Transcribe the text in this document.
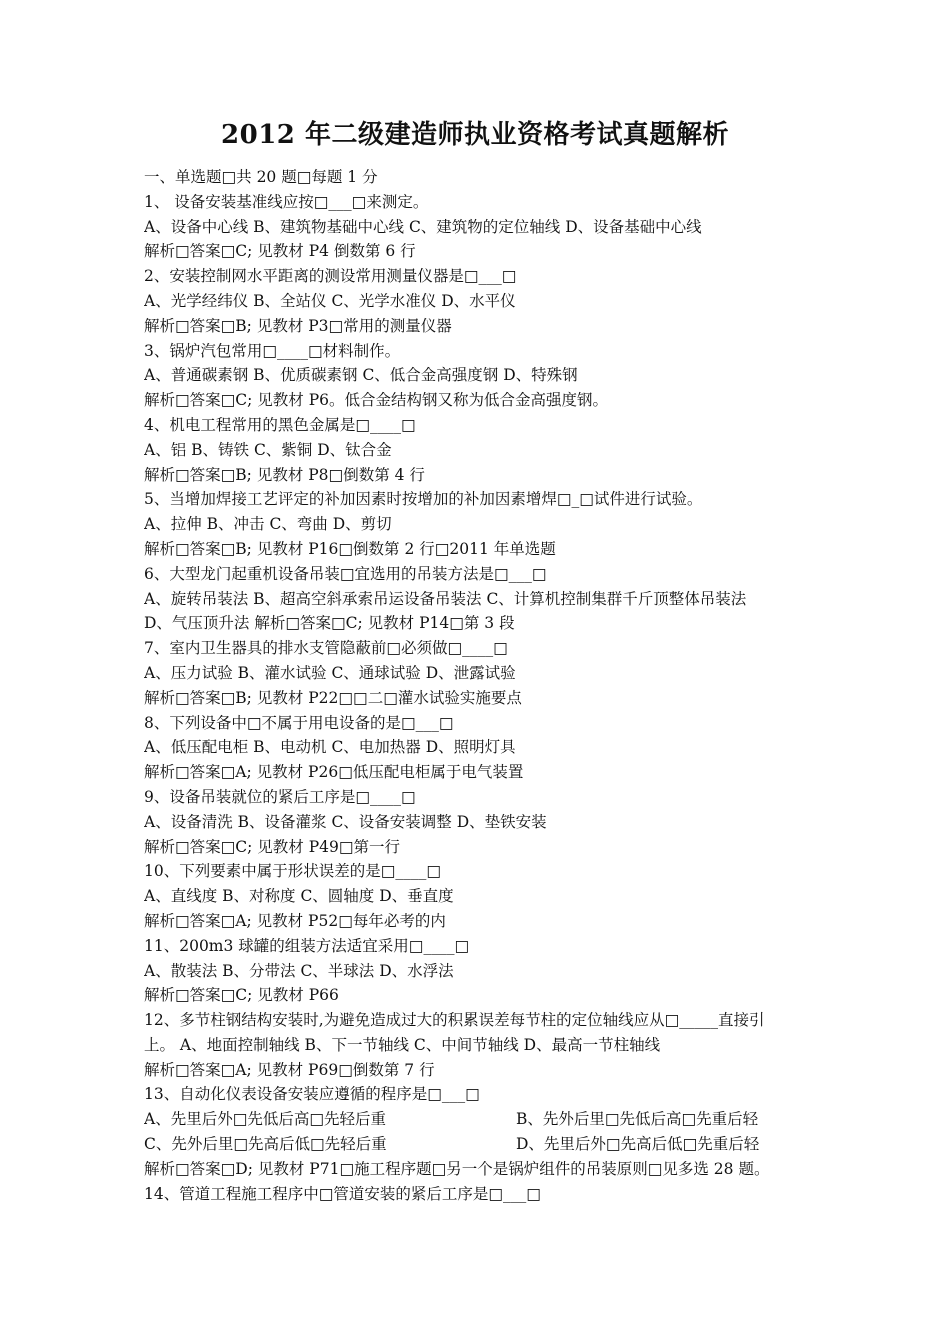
2012 年二级建造师执业资格考试真题解析
一、单选题□共 20 题□每题 1 分
1、 设备安装基准线应按□___□来测定。
A、设备中心线 B、建筑物基础中心线 C、建筑物的定位轴线 D、设备基础中心线
解析□答案□C; 见教材 P4 倒数第 6 行
2、安装控制网水平距离的测设常用测量仪器是□___□
A、光学经纬仪 B、全站仪 C、光学水准仪 D、水平仪
解析□答案□B; 见教材 P3□常用的测量仪器
3、锅炉汽包常用□____□材料制作。
A、普通碳素钢 B、优质碳素钢 C、低合金高强度钢 D、特殊钢
解析□答案□C; 见教材 P6。低合金结构钢又称为低合金高强度钢。
4、机电工程常用的黑色金属是□____□
A、铝 B、铸铁 C、紫铜 D、钛合金
解析□答案□B; 见教材 P8□倒数第 4 行
5、当增加焊接工艺评定的补加因素时按增加的补加因素增焊□_□试件进行试验。
A、拉伸 B、冲击 C、弯曲 D、剪切
解析□答案□B; 见教材 P16□倒数第 2 行□2011 年单选题
6、大型龙门起重机设备吊装□宜选用的吊装方法是□___□
A、旋转吊装法 B、超高空斜承索吊运设备吊装法 C、计算机控制集群千斤顶整体吊装法
D、气压顶升法 解析□答案□C; 见教材 P14□第 3 段
7、室内卫生器具的排水支管隐蔽前□必须做□____□
A、压力试验 B、灌水试验 C、通球试验 D、泄露试验
解析□答案□B; 见教材 P22□□二□灌水试验实施要点
8、下列设备中□不属于用电设备的是□___□
A、低压配电柜 B、电动机 C、电加热器 D、照明灯具
解析□答案□A; 见教材 P26□低压配电柜属于电气装置
9、设备吊装就位的紧后工序是□____□
A、设备清洗 B、设备灌浆 C、设备安装调整 D、垫铁安装
解析□答案□C; 见教材 P49□第一行
10、下列要素中属于形状误差的是□____□
A、直线度 B、对称度 C、圆轴度 D、垂直度
解析□答案□A; 见教材 P52□每年必考的内
11、200m3 球罐的组装方法适宜采用□____□
A、散装法 B、分带法 C、半球法 D、水浮法
解析□答案□C; 见教材 P66
12、多节柱钢结构安装时,为避免造成过大的积累误差每节柱的定位轴线应从□_____直接引
上。 A、地面控制轴线 B、下一节轴线 C、中间节轴线 D、最高一节柱轴线
解析□答案□A; 见教材 P69□倒数第 7 行
13、自动化仪表设备安装应遵循的程序是□___□
A、先里后外□先低后高□先轻后重	B、先外后里□先低后高□先重后轻
C、先外后里□先高后低□先轻后重	D、先里后外□先高后低□先重后轻
解析□答案□D; 见教材 P71□施工程序题□另一个是锅炉组件的吊装原则□见多选 28 题。
14、管道工程施工程序中□管道安装的紧后工序是□___□
